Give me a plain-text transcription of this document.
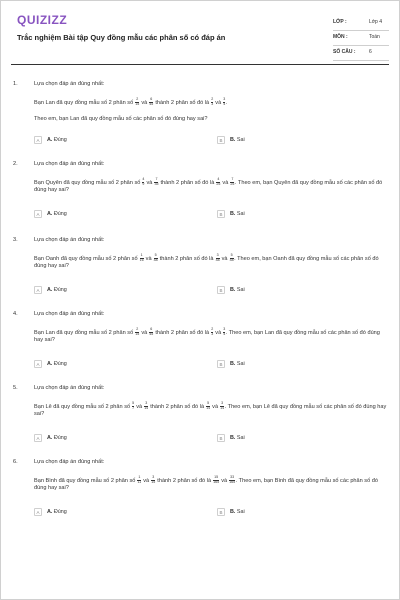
QUIZIZZ
Trắc nghiệm Bài tập Quy đồng mẫu các phân số có đáp án
LỚP :	Lớp 4
MÔN :	Toán
SỐ CÂU :	6
1.	Lựa chọn đáp án đúng nhất:
Bạn Lan đã quy đồng mẫu số 2 phân số $\frac{2}{15}$ và $\frac{6}{45}$ thành 2 phân số đó là $\frac{2}{3}$ và $\frac{3}{4}$ .
Theo em, bạn Lan đã quy đồng mẫu số các phân số đó đúng hay sai?
A	A. Đúng	B	B. Sai
2.	Lựa chọn đáp án đúng nhất:
Bạn Quyên đã quy đồng mẫu số 2 phân số $\frac{4}{9}$ và $\frac{7}{35}$ thành 2 phân số đó là $\frac{4}{25}$ và $\frac{7}{25}$ . Theo em, bạn Quyên đã quy đồng mẫu số các phân số đó đúng hay sai?
A	A. Đúng	B	B. Sai
3.	Lựa chọn đáp án đúng nhất:
Bạn Oanh đã quy đồng mẫu số 2 phân số $\frac{1}{16}$ và $\frac{5}{48}$ thành 2 phân số đó là $\frac{3}{48}$ và $\frac{5}{48}$ . Theo em, bạn Oanh đã quy đồng mẫu số các phân số đó đúng hay sai?
A	A. Đúng	B	B. Sai
4.	Lựa chọn đáp án đúng nhất:
Bạn Lan đã quy đồng mẫu số 2 phân số $\frac{2}{15}$ và $\frac{6}{45}$ thành 2 phân số đó là $\frac{2}{3}$ và $\frac{3}{4}$ . Theo em, bạn Lan đã quy đồng mẫu số các phân số đó đúng hay sai?
A	A. Đúng	B	B. Sai
5.	Lựa chọn đáp án đúng nhất:
Bạn Lê đã quy đồng mẫu số 2 phân số $\frac{5}{7}$ và $\frac{3}{14}$ thành 2 phân số đó là $\frac{5}{14}$ và $\frac{3}{14}$ . Theo em, bạn Lê đã quy đồng mẫu số các phân số đó đúng hay sai?
A	A. Đúng	B	B. Sai
6.	Lựa chọn đáp án đúng nhất:
Bạn Bình đã quy đồng mẫu số 2 phân số $\frac{1}{11}$ và $\frac{3}{15}$ thành 2 phân số đó là $\frac{15}{165}$ và $\frac{33}{165}$ . Theo em, bạn Bình đã quy đồng mẫu số các phân số đó đúng hay sai?
A	A. Đúng	B	B. Sai
